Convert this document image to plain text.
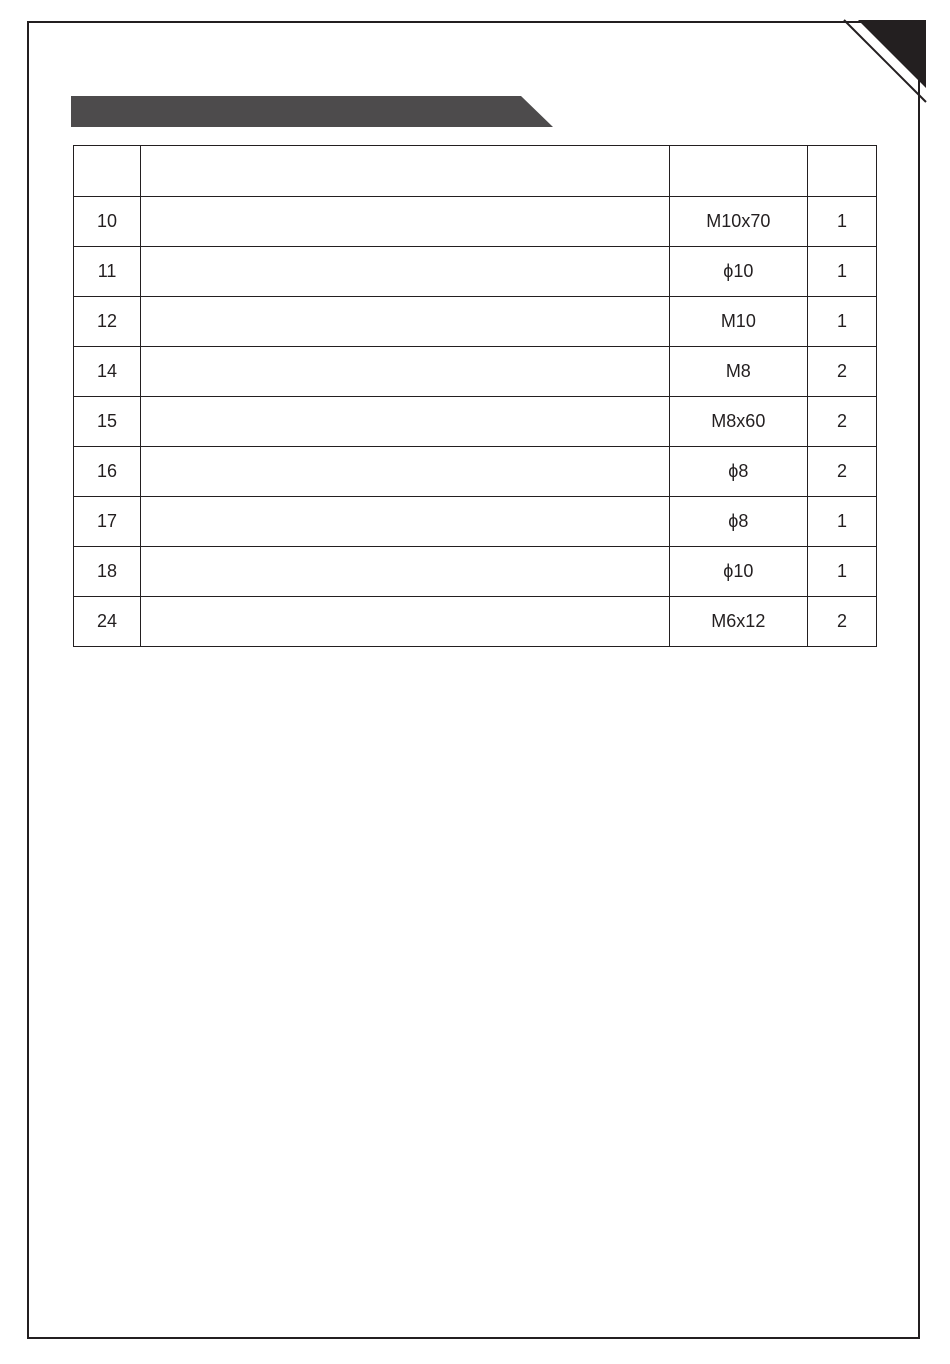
10		M10x70	1
11		ϕ10	1
12		M10	1
14		M8	2
15		M8x60	2
16		ϕ8	2
17		ϕ8	1
18		ϕ10	1
24		M6x12	2
